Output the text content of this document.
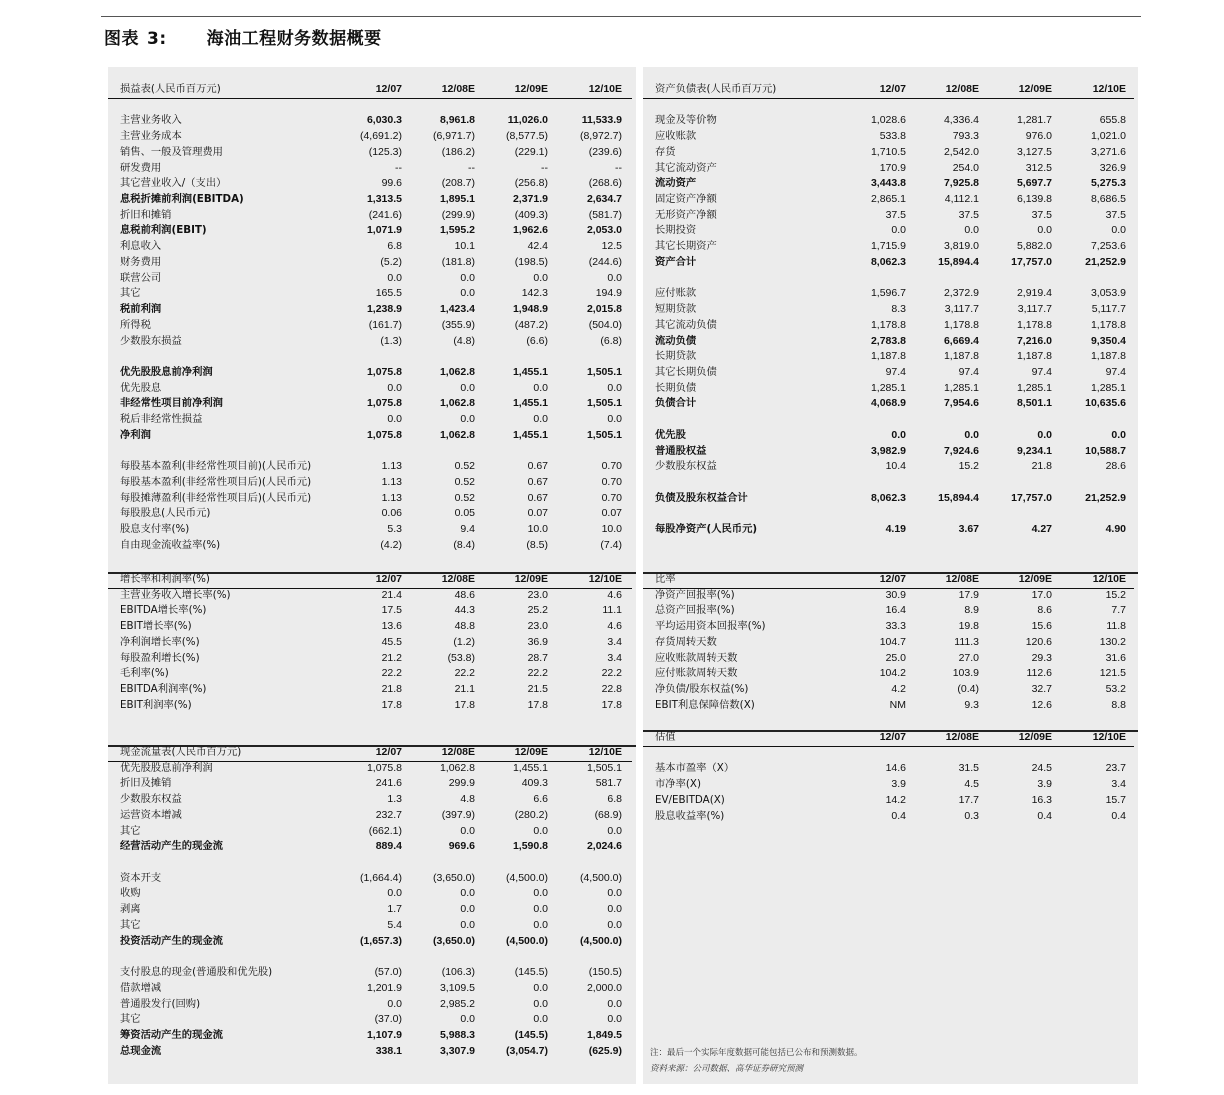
图表 3: 海油工程财务数据概要
损益表(人民币百万元)	12/07	12/08E	12/09E	12/10E
主营业务收入	6,030.3	8,961.8	11,026.0	11,533.9
主营业务成本	(4,691.2)	(6,971.7)	(8,577.5)	(8,972.7)
销售、一般及管理费用	(125.3)	(186.2)	(229.1)	(239.6)
研发费用	--	--	--	--
其它营业收入/（支出）	99.6	(208.7)	(256.8)	(268.6)
息税折摊前利润(EBITDA)	1,313.5	1,895.1	2,371.9	2,634.7
折旧和摊销	(241.6)	(299.9)	(409.3)	(581.7)
息税前利润(EBIT)	1,071.9	1,595.2	1,962.6	2,053.0
利息收入	6.8	10.1	42.4	12.5
财务费用	(5.2)	(181.8)	(198.5)	(244.6)
联营公司	0.0	0.0	0.0	0.0
其它	165.5	0.0	142.3	194.9
税前利润	1,238.9	1,423.4	1,948.9	2,015.8
所得税	(161.7)	(355.9)	(487.2)	(504.0)
少数股东损益	(1.3)	(4.8)	(6.6)	(6.8)
优先股股息前净利润	1,075.8	1,062.8	1,455.1	1,505.1
优先股息	0.0	0.0	0.0	0.0
非经常性项目前净利润	1,075.8	1,062.8	1,455.1	1,505.1
税后非经常性损益	0.0	0.0	0.0	0.0
净利润	1,075.8	1,062.8	1,455.1	1,505.1
每股基本盈利(非经常性项目前)(人民币元)	1.13	0.52	0.67	0.70
每股基本盈利(非经常性项目后)(人民币元)	1.13	0.52	0.67	0.70
每股摊薄盈利(非经常性项目后)(人民币元)	1.13	0.52	0.67	0.70
每股股息(人民币元)	0.06	0.05	0.07	0.07
股息支付率(%)	5.3	9.4	10.0	10.0
自由现金流收益率(%)	(4.2)	(8.4)	(8.5)	(7.4)
资产负债表(人民币百万元)	12/07	12/08E	12/09E	12/10E
现金及等价物	1,028.6	4,336.4	1,281.7	655.8
应收账款	533.8	793.3	976.0	1,021.0
存货	1,710.5	2,542.0	3,127.5	3,271.6
其它流动资产	170.9	254.0	312.5	326.9
流动资产	3,443.8	7,925.8	5,697.7	5,275.3
固定资产净额	2,865.1	4,112.1	6,139.8	8,686.5
无形资产净额	37.5	37.5	37.5	37.5
长期投资	0.0	0.0	0.0	0.0
其它长期资产	1,715.9	3,819.0	5,882.0	7,253.6
资产合计	8,062.3	15,894.4	17,757.0	21,252.9
应付账款	1,596.7	2,372.9	2,919.4	3,053.9
短期贷款	8.3	3,117.7	3,117.7	5,117.7
其它流动负债	1,178.8	1,178.8	1,178.8	1,178.8
流动负债	2,783.8	6,669.4	7,216.0	9,350.4
长期贷款	1,187.8	1,187.8	1,187.8	1,187.8
其它长期负债	97.4	97.4	97.4	97.4
长期负债	1,285.1	1,285.1	1,285.1	1,285.1
负债合计	4,068.9	7,954.6	8,501.1	10,635.6
优先股	0.0	0.0	0.0	0.0
普通股权益	3,982.9	7,924.6	9,234.1	10,588.7
少数股东权益	10.4	15.2	21.8	28.6
负债及股东权益合计	8,062.3	15,894.4	17,757.0	21,252.9
每股净资产(人民币元)	4.19	3.67	4.27	4.90
增长率和利润率(%)	12/07	12/08E	12/09E	12/10E
主营业务收入增长率(%)	21.4	48.6	23.0	4.6
EBITDA增长率(%)	17.5	44.3	25.2	11.1
EBIT增长率(%)	13.6	48.8	23.0	4.6
净利润增长率(%)	45.5	(1.2)	36.9	3.4
每股盈利增长(%)	21.2	(53.8)	28.7	3.4
毛利率(%)	22.2	22.2	22.2	22.2
EBITDA利润率(%)	21.8	21.1	21.5	22.8
EBIT利润率(%)	17.8	17.8	17.8	17.8
比率	12/07	12/08E	12/09E	12/10E
净资产回报率(%)	30.9	17.9	17.0	15.2
总资产回报率(%)	16.4	8.9	8.6	7.7
平均运用资本回报率(%)	33.3	19.8	15.6	11.8
存货周转天数	104.7	111.3	120.6	130.2
应收账款周转天数	25.0	27.0	29.3	31.6
应付账款周转天数	104.2	103.9	112.6	121.5
净负债/股东权益(%)	4.2	(0.4)	32.7	53.2
EBIT利息保障倍数(X)	NM	9.3	12.6	8.8
估值	12/07	12/08E	12/09E	12/10E
基本市盈率（X）	14.6	31.5	24.5	23.7
市净率(X)	3.9	4.5	3.9	3.4
EV/EBITDA(X)	14.2	17.7	16.3	15.7
股息收益率(%)	0.4	0.3	0.4	0.4
现金流量表(人民币百万元)	12/07	12/08E	12/09E	12/10E
优先股股息前净利润	1,075.8	1,062.8	1,455.1	1,505.1
折旧及摊销	241.6	299.9	409.3	581.7
少数股东权益	1.3	4.8	6.6	6.8
运营资本增减	232.7	(397.9)	(280.2)	(68.9)
其它	(662.1)	0.0	0.0	0.0
经营活动产生的现金流	889.4	969.6	1,590.8	2,024.6
资本开支	(1,664.4)	(3,650.0)	(4,500.0)	(4,500.0)
收购	0.0	0.0	0.0	0.0
剥离	1.7	0.0	0.0	0.0
其它	5.4	0.0	0.0	0.0
投资活动产生的现金流	(1,657.3)	(3,650.0)	(4,500.0)	(4,500.0)
支付股息的现金(普通股和优先股)	(57.0)	(106.3)	(145.5)	(150.5)
借款增减	1,201.9	3,109.5	0.0	2,000.0
普通股发行(回购)	0.0	2,985.2	0.0	0.0
其它	(37.0)	0.0	0.0	0.0
筹资活动产生的现金流	1,107.9	5,988.3	(145.5)	1,849.5
总现金流	338.1	3,307.9	(3,054.7)	(625.9)	注：最后一个实际年度数据可能包括已公布和预测数据。
资料来源：公司数据、高华证券研究预测
